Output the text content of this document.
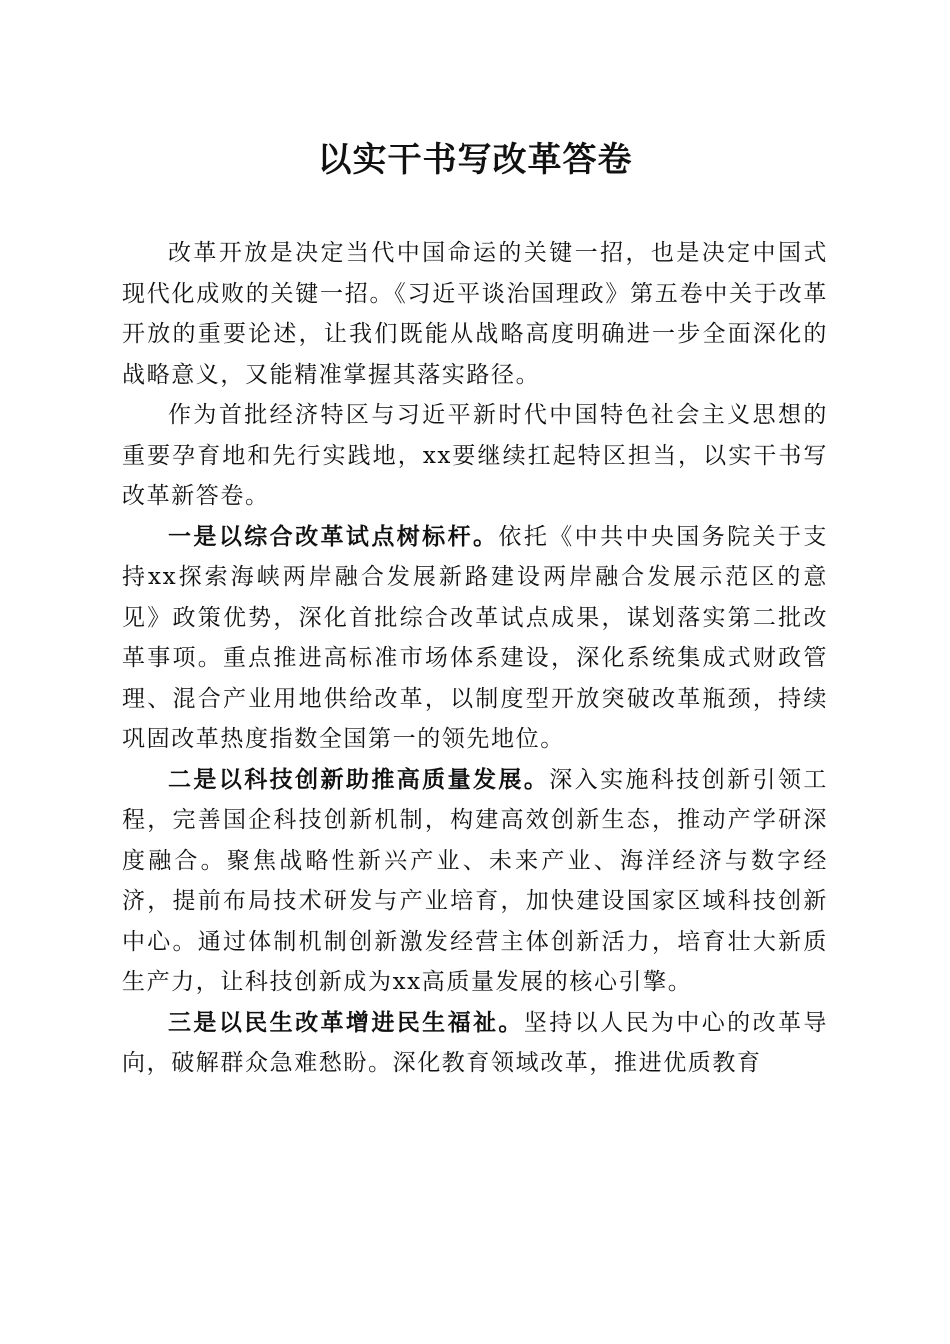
以实干书写改革答卷

改革开放是决定当代中国命运的关键一招，也是决定中国式现代化成败的关键一招。《习近平谈治国理政》第五卷中关于改革开放的重要论述，让我们既能从战略高度明确进一步全面深化的战略意义，又能精准掌握其落实路径。

作为首批经济特区与习近平新时代中国特色社会主义思想的重要孕育地和先行实践地，xx要继续扛起特区担当，以实干书写改革新答卷。

一是以综合改革试点树标杆。依托《中共中央国务院关于支持xx探索海峡两岸融合发展新路建设两岸融合发展示范区的意见》政策优势，深化首批综合改革试点成果，谋划落实第二批改革事项。重点推进高标准市场体系建设，深化系统集成式财政管理、混合产业用地供给改革，以制度型开放突破改革瓶颈，持续巩固改革热度指数全国第一的领先地位。

二是以科技创新助推高质量发展。深入实施科技创新引领工程，完善国企科技创新机制，构建高效创新生态，推动产学研深度融合。聚焦战略性新兴产业、未来产业、海洋经济与数字经济，提前布局技术研发与产业培育，加快建设国家区域科技创新中心。通过体制机制创新激发经营主体创新活力，培育壮大新质生产力，让科技创新成为xx高质量发展的核心引擎。

三是以民生改革增进民生福祉。坚持以人民为中心的改革导向，破解群众急难愁盼。深化教育领域改革，推进优质教育
